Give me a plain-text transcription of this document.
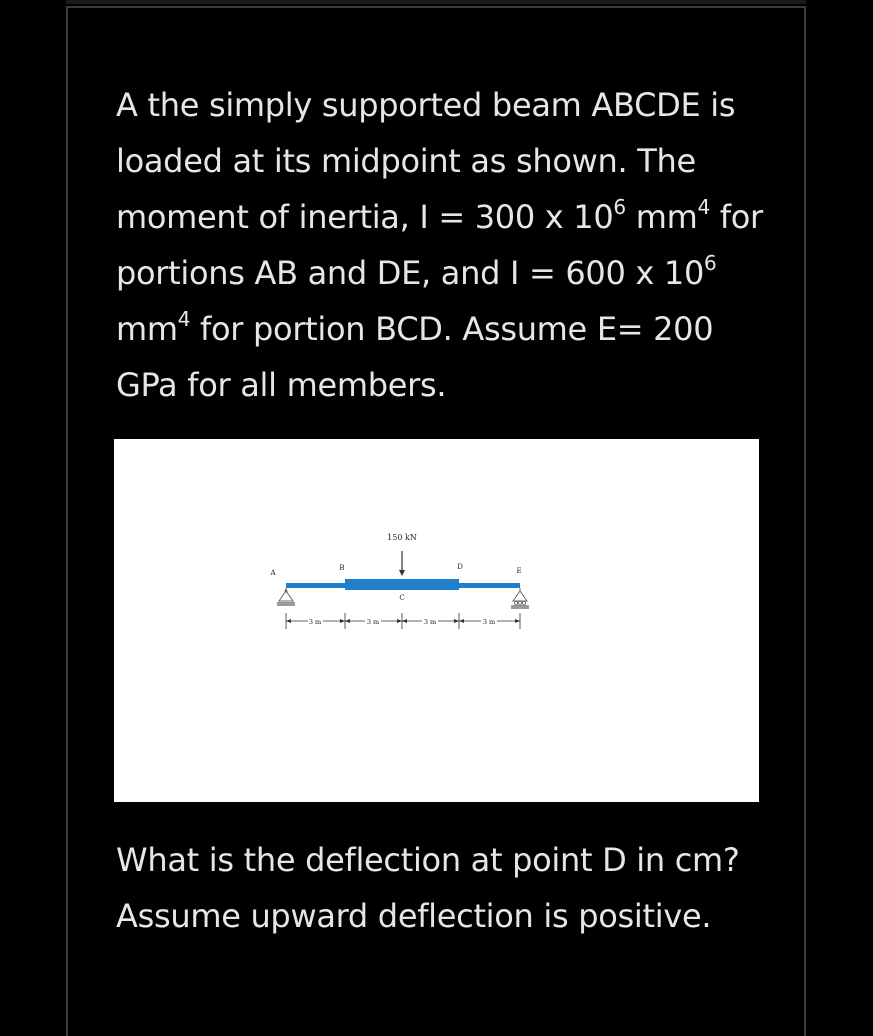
A the simply supported beam ABCDE is loaded at its midpoint as shown. The moment of inertia, I = 300 x $10^6$ $mm^4$ for portions AB and DE, and I = 600 x $10^6$ $mm^4$ for portion BCD. Assume E= 200 GPa for all members.

150 kN
A
B
C
D	E
3 m	3 m	3 m	3 m

What is the deflection at point D in cm? Assume upward deflection is positive.
